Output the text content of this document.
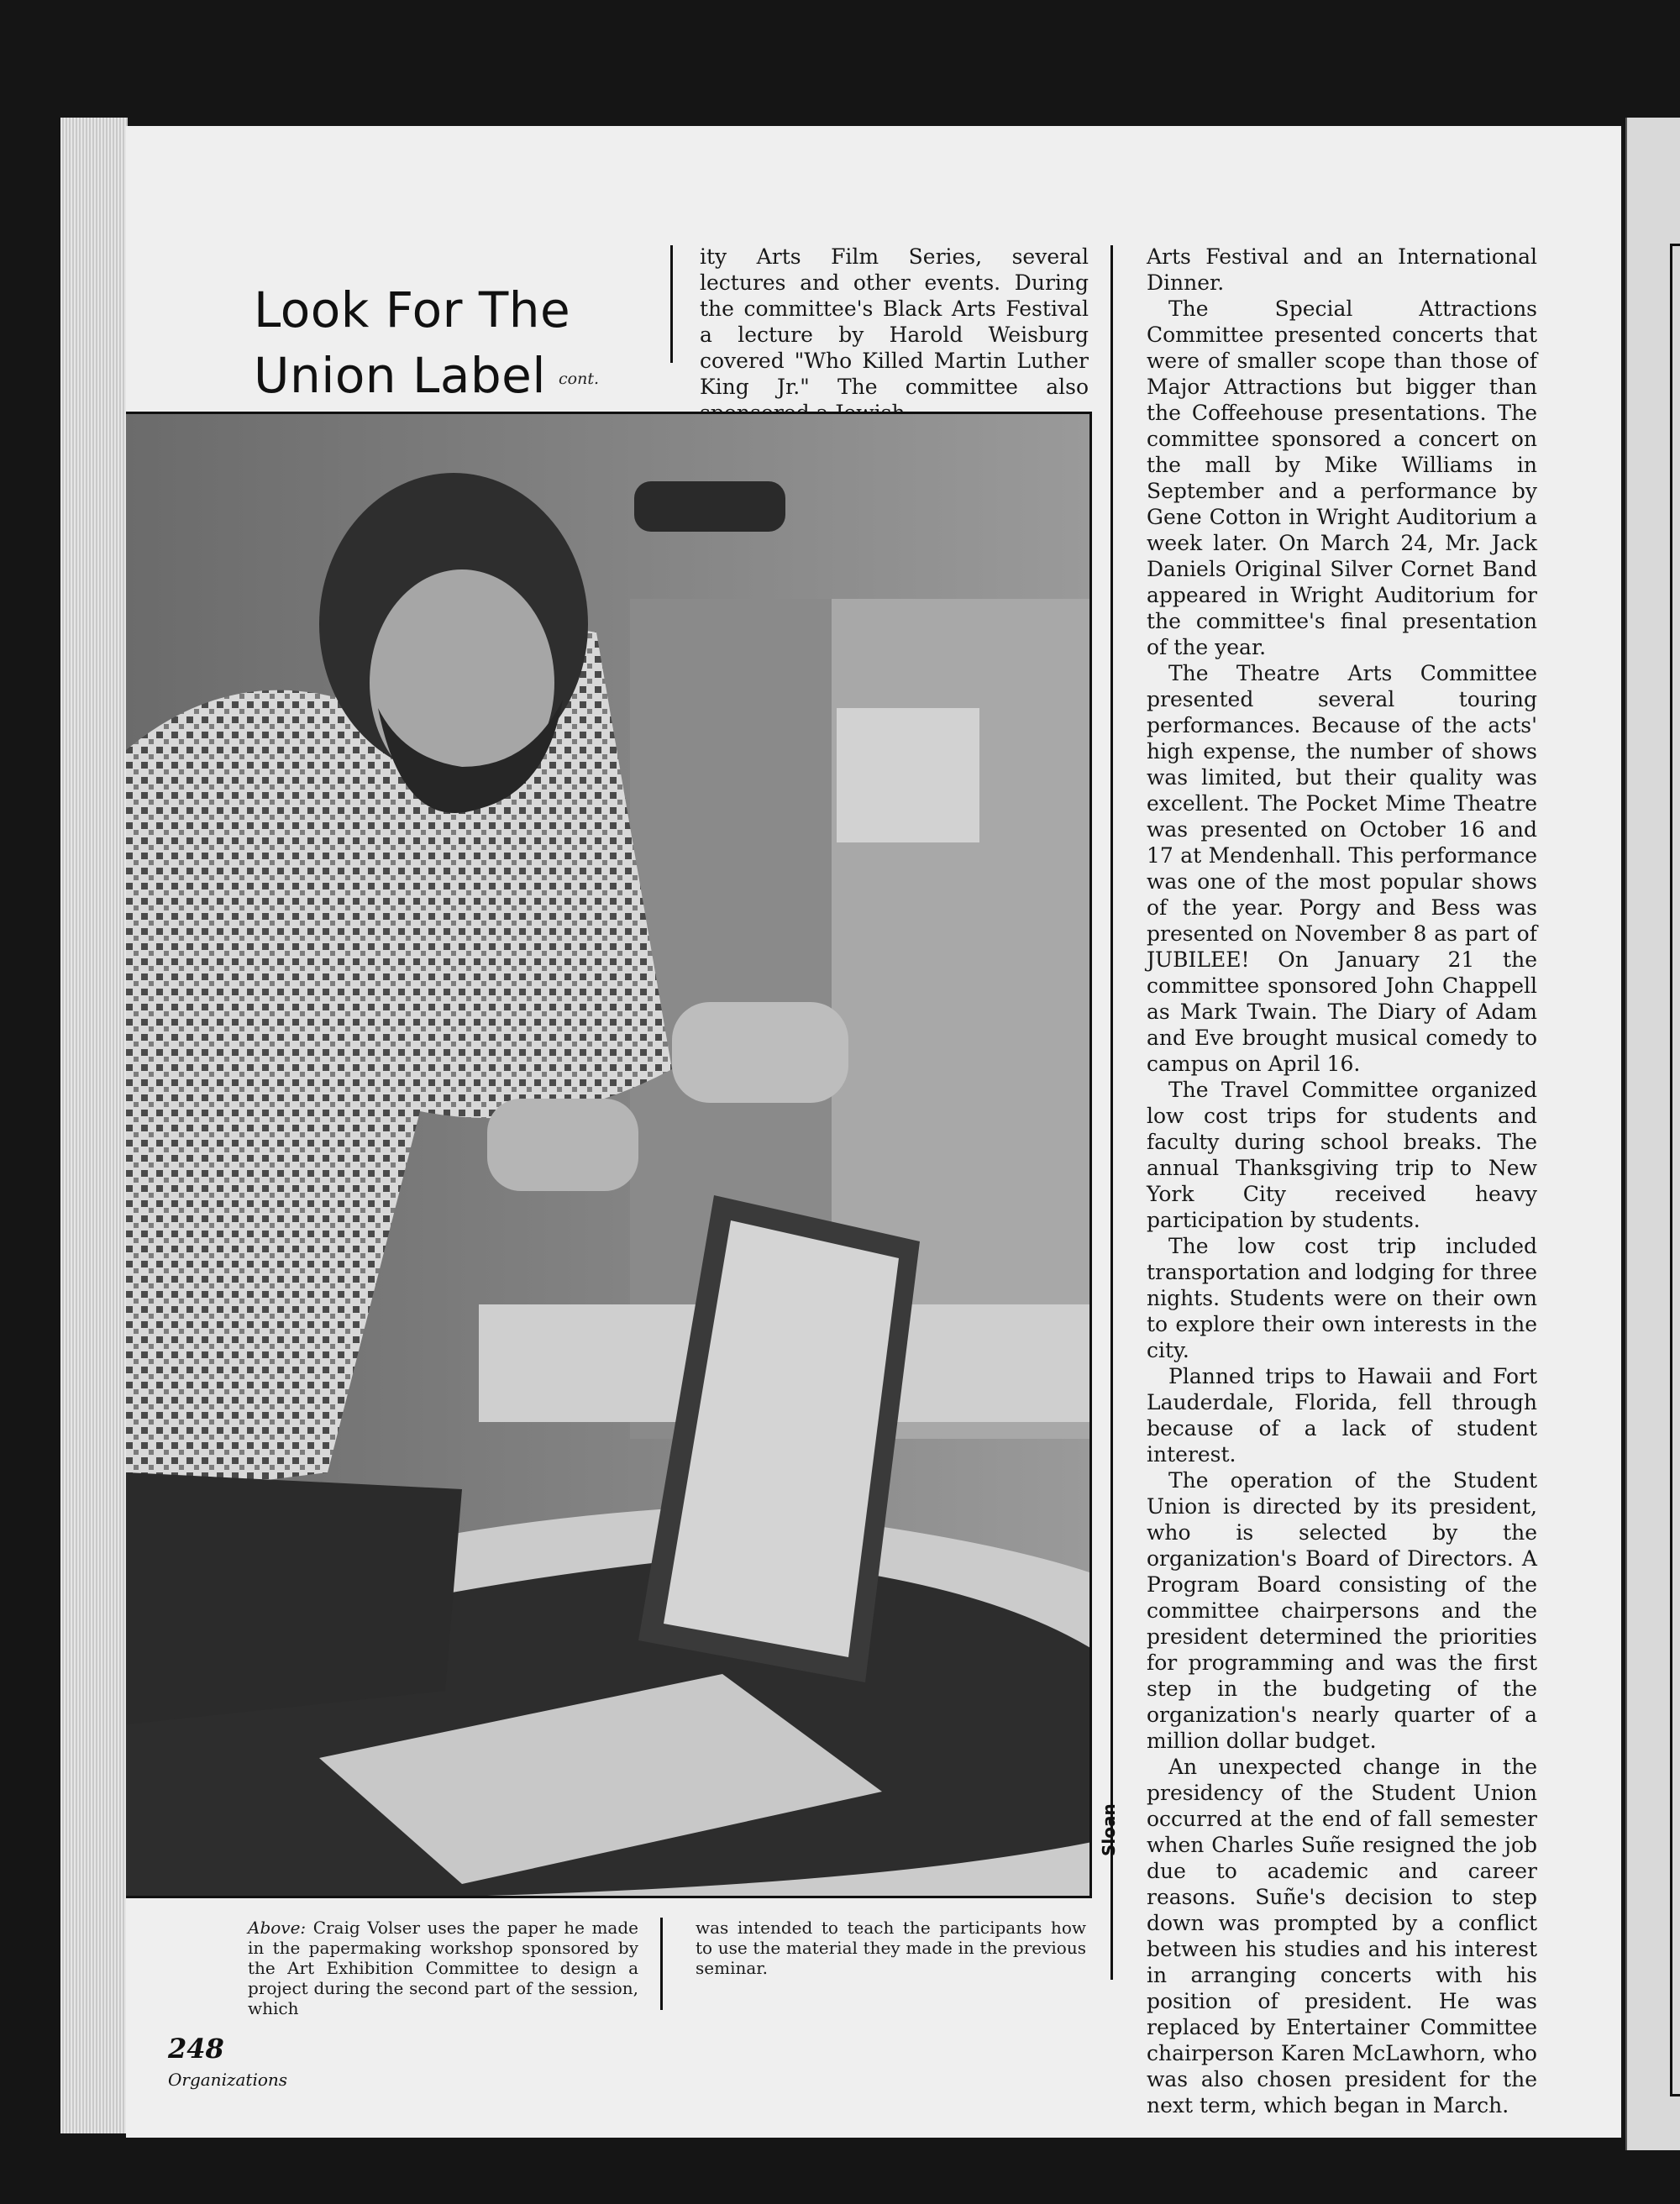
Look For The
Union Label cont.

ity Arts Film Series, several lectures and other events. During the committee's Black Arts Festival a lecture by Harold Weisburg covered "Who Killed Martin Luther King Jr." The committee also

Arts Festival and an International Dinner.

The Special Attractions Committee presented concerts that were of smaller scope than those of Major Attractions but bigger than the Coffeehouse presentations. The committee sponsored a concert on the mall by Mike Williams in September and a performance by Gene Cotton in Wright Auditorium a week later. On March 24, Mr. Jack Daniels Original Silver Cornet Band appeared in Wright Auditorium for the committee's final presentation of the year.

The Theatre Arts Committee presented several touring performances. Because of the acts' high expense, the number of shows was limited, but their quality was excellent. The Pocket Mime Theatre was presented on October 16 and 17 at Mendenhall. This performance was one of the most popular shows of the year. Porgy and Bess was presented on November 8 as part of JUBILEE! On January 21 the committee sponsored John Chappell as Mark Twain. The Diary of Adam and Eve brought musical comedy to campus on April 16.

The Travel Committee organized low cost trips for students and faculty during school breaks. The annual Thanksgiving trip to New York City received heavy participation by students.

The low cost trip included transportation and lodging for three nights. Students were on their own to explore their own interests in the city.

Planned trips to Hawaii and Fort Lauderdale, Florida, fell through because of a lack of student interest.

The operation of the Student Union is directed by its president, who is selected by the organization's Board of Directors. A Program Board consisting of the committee chairpersons and the president determined the priorities for programming and was the first step in the budgeting of the organization's nearly quarter of a million dollar budget.

An unexpected change in the presidency of the Student Union occurred at the end of fall semester when Charles Suñe resigned the job due to academic and career reasons. Suñe's decision to step down was prompted by a conflict between his studies and his interest in arranging concerts with his position of president. He was replaced by Entertainer Committee chairperson Karen McLawhorn, who was also chosen president for the next term, which began in March.

Sloan
Above: Craig Volser uses the paper he made in the papermaking workshop sponsored by the Art Exhibition Committee to design a project during the second part of the session, which
was intended to teach the participants how to use the material they made in the previous seminar.
248
Organizations
